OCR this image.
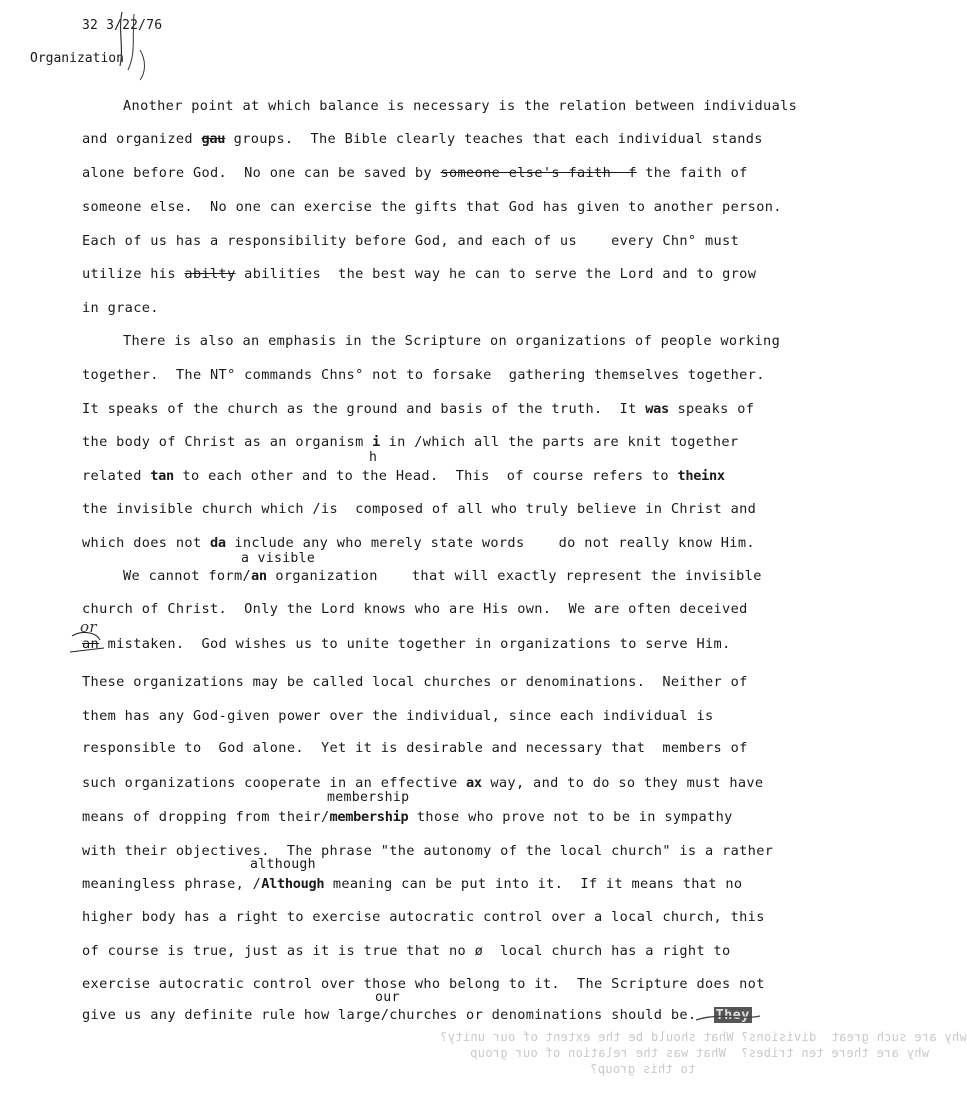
32 3/22/76
Organization
Another point at which balance is necessary is the relation between individuals
and organized gau groups.  The Bible clearly teaches that each individual stands
alone before God.  No one can be saved by someone else's faith  f the faith of
someone else.  No one can exercise the gifts that God has given to another person.
Each of us has a responsibility before God, and each of us    every Chn° must
utilize his abilty abilities  the best way he can to serve the Lord and to grow
in grace.
There is also an emphasis in the Scripture on organizations of people working
together.  The NT° commands Chns° not to forsake  gathering themselves together.
It speaks of the church as the ground and basis of the truth.  It was speaks of
the body of Christ as an organism i in /which all the parts are knit together
related tan to each other and to the Head.  This  of course refers to theinx
the invisible church which /is  composed of all who truly believe in Christ and
which does not da include any who merely state words    do not really know Him.
We cannot form/an organization    that will exactly represent the invisible
church of Christ.  Only the Lord knows who are His own.  We are often deceived
an mistaken.  God wishes us to unite together in organizations to serve Him.
These organizations may be called local churches or denominations.  Neither of
them has any God-given power over the individual, since each individual is
responsible to  God alone.  Yet it is desirable and necessary that  members of
such organizations cooperate in an effective ax way, and to do so they must have
means of dropping from their/membership those who prove not to be in sympathy
with their objectives.  The phrase "the autonomy of the local church" is a rather
meaningless phrase, /Although meaning can be put into it.  If it means that no
higher body has a right to exercise autocratic control over a local church, this
of course is true, just as it is true that no ø  local church has a right to
exercise autocratic control over those who belong to it.  The Scripture does not
give us any definite rule how large/churches or denominations should be.  They
h
a visible
membership
although
our
or
why are such great  divisions? What should be the extent of our unity?
why are there ten tribes?  What was the relation of our group
to this group?
